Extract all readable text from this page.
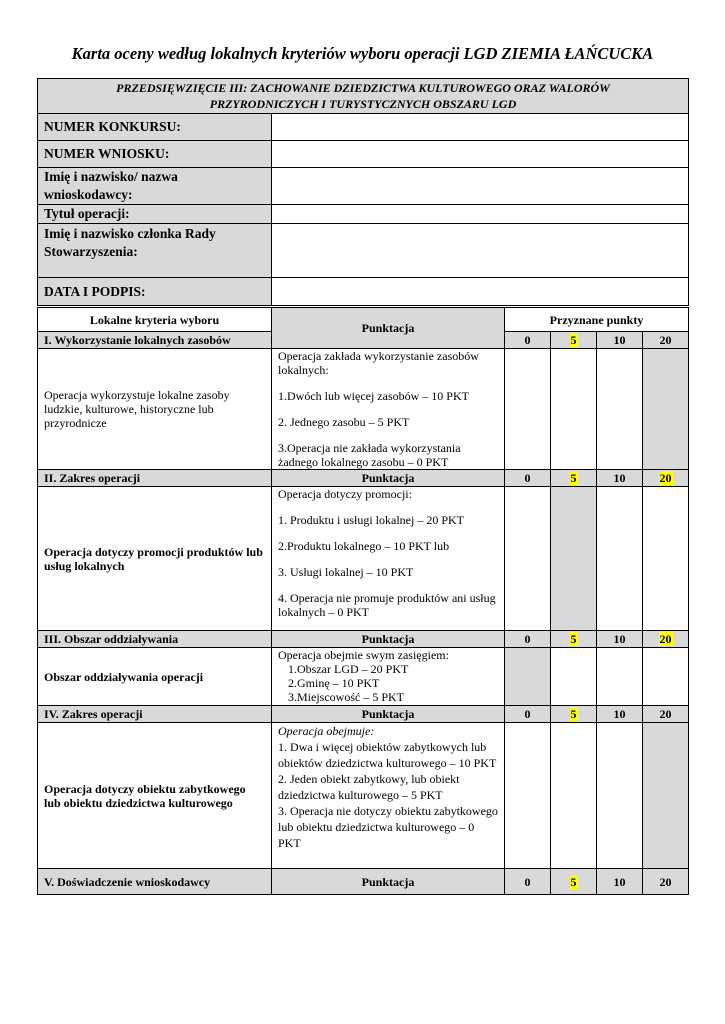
Karta oceny według lokalnych kryteriów wyboru operacji LGD ZIEMIA ŁAŃCUCKA
PRZEDSIĘWZIĘCIE III: ZACHOWANIE DZIEDZICTWA KULTUROWEGO ORAZ WALORÓW
PRZYRODNICZYCH I TURYSTYCZNYCH OBSZARU LGD	

NUMER KONKURSU:	
NUMER WNIOSKU:	

Imię i nazwisko/ nazwa
wnioskodawcy:	

Tytuł operacji:	

Imię i nazwisko członka Rady
Stowarzyszenia:	

DATA I PODPIS:	
Lokalne kryteria wyboru	Punktacja	Przyznane punkty			
I. Wykorzystanie lokalnych zasobów		0	5	10	20
Operacja wykorzystuje lokalne zasoby ludzkie, kulturowe, historyczne lub przyrodnicze	Operacja zakłada wykorzystanie zasobów lokalnych:

1.Dwóch lub więcej zasobów – 10 PKT

2. Jednego zasobu – 5 PKT

3.Operacja nie zakłada wykorzystania żadnego lokalnego zasobu – 0 PKT				

II. Zakres operacji	Punktacja	0	5	10	20
Operacja dotyczy promocji produktów lub usług lokalnych	Operacja dotyczy promocji:

1. Produktu i usługi lokalnej – 20 PKT

2.Produktu lokalnego – 10 PKT lub

3. Usługi lokalnej – 10 PKT

4. Operacja nie promuje produktów ani usług lokalnych – 0 PKT				

III. Obszar oddziaływania	Punktacja	0	5	10	20
Obszar oddziaływania operacji	Operacja obejmie swym zasięgiem:

1.Obszar LGD – 20 PKT

2.Gminę – 10 PKT

3.Miejscowość – 5 PKT				

IV. Zakres operacji	Punktacja	0	5	10	20
Operacja dotyczy obiektu zabytkowego lub obiektu dziedzictwa kulturowego	Operacja obejmuje:

1. Dwa i więcej obiektów zabytkowych lub obiektów dziedzictwa kulturowego – 10 PKT

2. Jeden obiekt zabytkowy, lub obiekt dziedzictwa kulturowego – 5 PKT

3. Operacja nie dotyczy obiektu zabytkowego lub obiektu dziedzictwa kulturowego – 0 PKT				

V. Doświadczenie wnioskodawcy	Punktacja	0	5	10	20
